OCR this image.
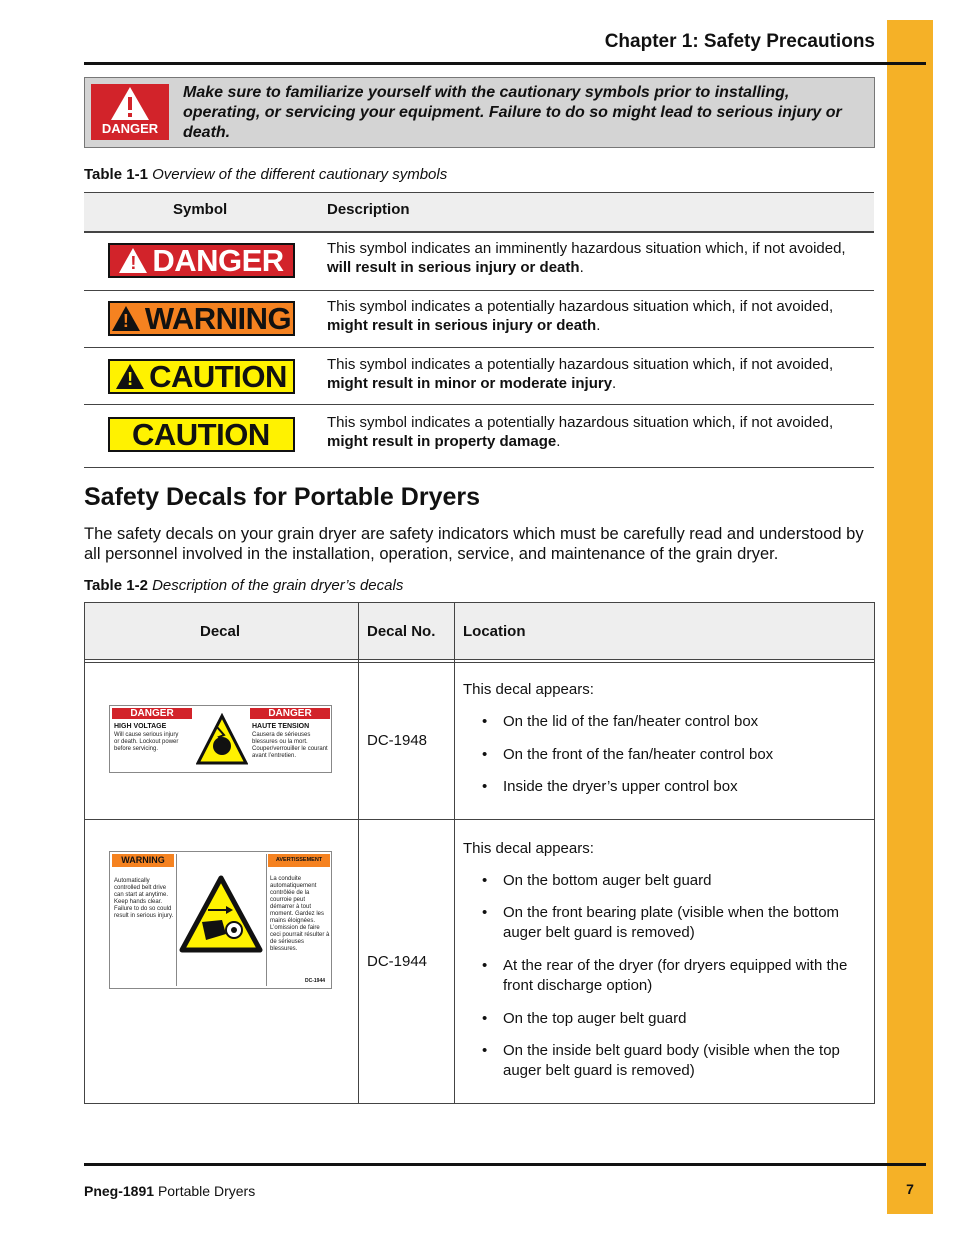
Chapter 1: Safety Precautions
DANGER
Make sure to familiarize yourself with the cautionary symbols prior to installing, operating, or servicing your equipment. Failure to do so might lead to serious injury or death.
Table 1-1 Overview of the different cautionary symbols
Symbol	Description
! DANGER	This symbol indicates an imminently hazardous situation which, if not avoided,
will result in serious injury or death.
! WARNING This symbol indicates a potentially hazardous situation which, if not avoided,
might result in serious injury or death.
! CAUTION	This symbol indicates a potentially hazardous situation which, if not avoided,
might result in minor or moderate injury.
CAUTION	This symbol indicates a potentially hazardous situation which, if not avoided,
might result in property damage.
Safety Decals for Portable Dryers
The safety decals on your grain dryer are safety indicators which must be carefully read and understood by all personnel involved in the installation, operation, service, and maintenance of the grain dryer.
Table 1-2 Description of the grain dryer’s decals
Decal	Decal No. Location
DANGER	DANGER
HIGH VOLTAGE
Will cause serious injury or death. Lockout power before servicing.
HAUTE TENSION
Causera de sérieuses blessures ou la mort. Couper/verrouiller le courant avant l’entretien.
DC-1948
This decal appears:
• On the lid of the fan/heater control box
• On the front of the fan/heater control box
• Inside the dryer’s upper control box
WARNING	AVERTISSEMENT
Automatically controlled belt drive can start at anytime. Keep hands clear. Failure to do so could result in serious injury.
La conduite automatiquement contrôlée de la courroie peut démarrer à tout moment. Gardez les mains éloignées. L’omission de faire ceci pourrait résulter à de sérieuses blessures.
DC-1944
DC-1944
This decal appears:
• On the bottom auger belt guard
• On the front bearing plate (visible when the bottom auger belt guard is removed)
• At the rear of the dryer (for dryers equipped with the front discharge option)
• On the top auger belt guard
• On the inside belt guard body (visible when the top auger belt guard is removed)
Pneg-1891 Portable Dryers	7
